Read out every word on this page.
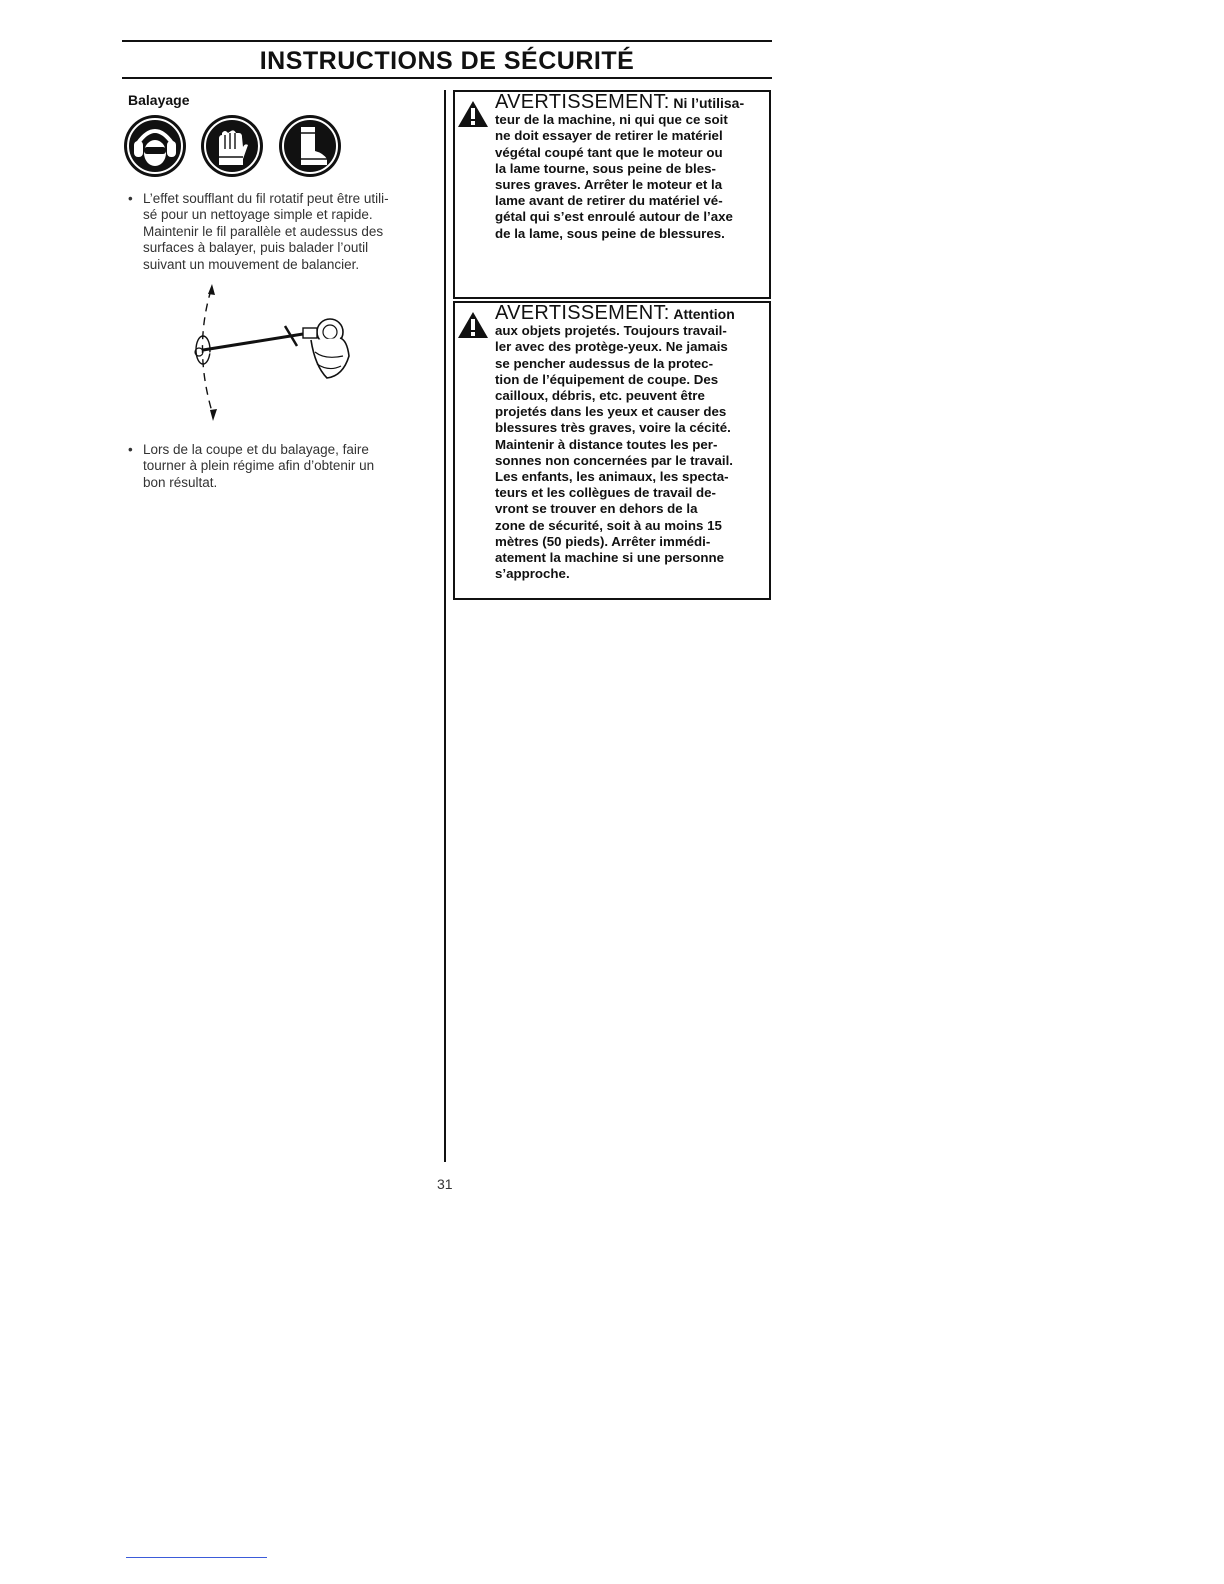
INSTRUCTIONS DE SÉCURITÉ
Balayage
• L’effet soufflant du fil rotatif peut être utili-
sé pour un nettoyage simple et rapide.
Maintenir le fil parallèle et audessus des
surfaces à balayer, puis balader l’outil
suivant un mouvement de balancier.
• Lors de la coupe et du balayage, faire
tourner à plein régime afin d’obtenir un
bon résultat.
AVERTISSEMENT: Ni l’utilisa-
teur de la machine, ni qui que ce soit
ne doit essayer de retirer le matériel
végétal coupé tant que le moteur ou
la lame tourne, sous peine de bles-
sures graves. Arrêter le moteur et la
lame avant de retirer du matériel vé-
gétal qui s’est enroulé autour de l’axe
de la lame, sous peine de blessures.
AVERTISSEMENT: Attention
aux objets projetés. Toujours travail-
ler avec des protège-yeux. Ne jamais
se pencher audessus de la protec-
tion de l’équipement de coupe. Des
cailloux, débris, etc. peuvent être
projetés dans les yeux et causer des
blessures très graves, voire la cécité.
Maintenir à distance toutes les per-
sonnes non concernées par le travail.
Les enfants, les animaux, les specta-
teurs et les collègues de travail de-
vront se trouver en dehors de la
zone de sécurité, soit à au moins 15
mètres (50 pieds). Arrêter immédi-
atement la machine si une personne
s’approche.
31
